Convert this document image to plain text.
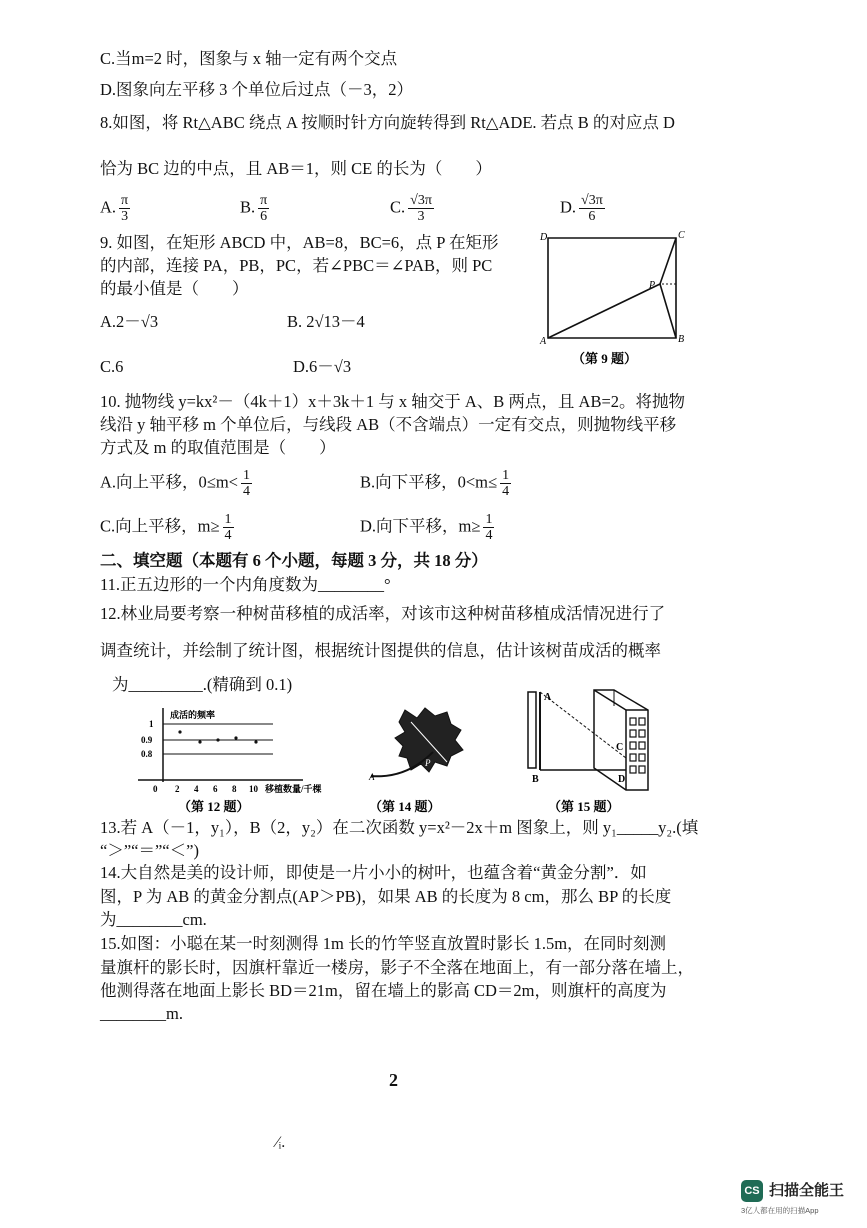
C.当m=2 时，图象与 x 轴一定有两个交点
D.图象向左平移 3 个单位后过点（－3，2）
8.如图，将 Rt△ABC 绕点 A 按顺时针方向旋转得到 Rt△ADE. 若点 B 的对应点 D
恰为 BC 边的中点，且 AB＝1，则 CE 的长为（　　）
A. $\frac{\pi}{3}$	B. $\frac{\pi}{6}$	C. $\frac{√3\pi}{3}$	D. $\frac{√3\pi}{6}$
9. 如图，在矩形 ABCD 中，AB=8，BC=6，点 P 在矩形
的内部，连接 PA，PB，PC，若∠PBC＝∠PAB，则 PC
的最小值是（　　）
A.2－√3	B. 2√13－4
C.6	D.6－√3
D	C
A	B
P
（第 9 题）
10. 抛物线 y=kx²－（4k＋1）x＋3k＋1 与 x 轴交于 A、B 两点，且 AB=2。将抛物
线沿 y 轴平移 m 个单位后，与线段 AB（不含端点）一定有交点，则抛物线平移
方式及 m 的取值范围是（　　）
A.向上平移，$0\le m< \frac{1}{4}$	B.向下平移，$0<m\le \frac{1}{4}$
C.向上平移，$m\ge \frac{1}{4}$	D.向下平移，$m\ge \frac{1}{4}$
二、填空题（本题有 6 个小题，每题 3 分，共 18 分）
11.正五边形的一个内角度数为________°
12.林业局要考察一种树苗移植的成活率，对该市这种树苗移植成活情况进行了
调查统计，并绘制了统计图，根据统计图提供的信息，估计该树苗成活的概率
为_________.(精确到 0.1)
成活的频率
1
0.9
0.8
0 2 4 6 8 10 移植数量/千棵
（第 12 题）
A
B
P
（第 14 题）
A
B
C
D
（第 15 题）
13.若 A（－1，y₁），B（2，y₂）在二次函数 y=x²－2x＋m 图象上，则 y₁_____y₂.(填
“＞”“＝”“＜”)
14.大自然是美的设计师，即使是一片小小的树叶，也蕴含着“黄金分割”．如
图，P 为 AB 的黄金分割点(AP＞PB)，如果 AB 的长度为 8 cm，那么 BP 的长度
为________cm.
15.如图：小聪在某一时刻测得 1m 长的竹竿竖直放置时影长 1.5m，在同时刻测
量旗杆的影长时，因旗杆靠近一楼房，影子不全落在地面上，有一部分落在墙上，
他测得落在地面上影长 BD＝21m，留在墙上的影高 CD＝2m，则旗杆的高度为
________m.
2
⁄ᵢ.
CS 扫描全能王
3亿人都在用的扫描App
